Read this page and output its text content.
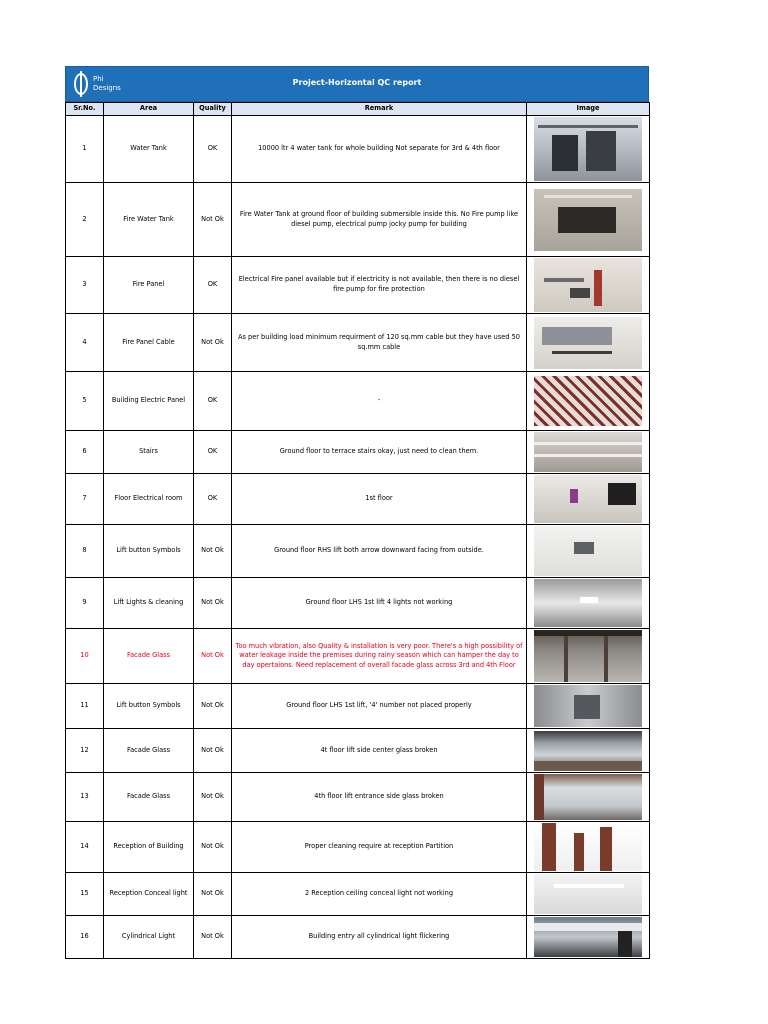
Phi
Designs
Project-Horizontal QC report
Sr.No.	Area	Quality	Remark	Image
1	Water Tank	OK	10000 ltr 4 water tank for whole building Not separate for 3rd & 4th floor	

2	Fire Water Tank	Not Ok	Fire Water Tank at ground floor of building submersible inside this. No Fire pump like diesel pump, electrical pump jocky pump for building	

3	Fire Panel	OK	Electrical Fire panel available but if electricity is not available, then there is no diesel fire pump for fire protection	

4	Fire Panel Cable	Not Ok	As per building load minimum requirment of 120 sq.mm cable but they have used 50 sq.mm cable	

5	Building Electric Panel	OK	-	

6	Stairs	OK	Ground floor to terrace stairs okay, just need to clean them.	

7	Floor Electrical room	OK	1st floor	

8	Lift button Symbols	Not Ok	Ground floor RHS lift both arrow downward facing from outside.	

9	Lift Lights & cleaning	Not Ok	Ground floor LHS 1st lift 4 lights not working	

10	Facade Glass	Not Ok	Too much vibration, also Quality & installation is very poor. There's a high possibility of water leakage inside the premises during rainy season which can hamper the day to day opertaions. Need replacement of overall facade glass across 3rd and 4th Floor	

11	Lift button Symbols	Not Ok	Ground floor LHS 1st lift, '4' number not placed properly	

12	Facade Glass	Not Ok	4t floor lift side center glass broken	

13	Facade Glass	Not Ok	4th floor lift entrance side glass broken	

14	Reception of Building	Not Ok	Proper cleaning require at reception Partition	

15	Reception Conceal light	Not Ok	2 Reception ceiling conceal light not working	

16	Cylindrical Light	Not Ok	Building entry all cylindrical light flickering	
